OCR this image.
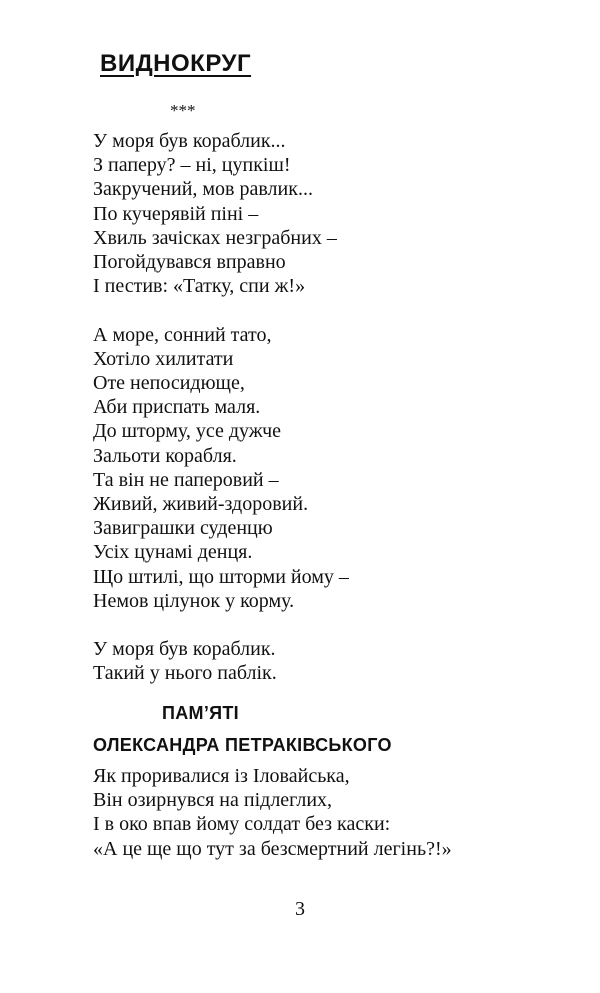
ВИДНОКРУГ
***
У моря був кораблик...
З паперу? – ні, цупкіш!
Закручений, мов равлик...
По кучерявій піні –
Хвиль зачісках незграбних –
Погойдувався вправно
І пестив: «Татку, спи ж!»
А море, сонний тато,
Хотіло хилитати
Оте непосидюще,
Аби приспать маля.
До шторму, усе дужче
Зальоти корабля.
Та він не паперовий –
Живий, живий-здоровий.
Завиграшки суденцю
Усіх цунамі денця.
Що штилі, що шторми йому –
Немов цілунок у корму.
У моря був кораблик.
Такий у нього паблік.
ПАМ’ЯТІ
ОЛЕКСАНДРА ПЕТРАКІВСЬКОГО
Як проривалися із Іловайська,
Він озирнувся на підлеглих,
І в око впав йому солдат без каски:
«А це ще що тут за безсмертний легінь?!»
3
